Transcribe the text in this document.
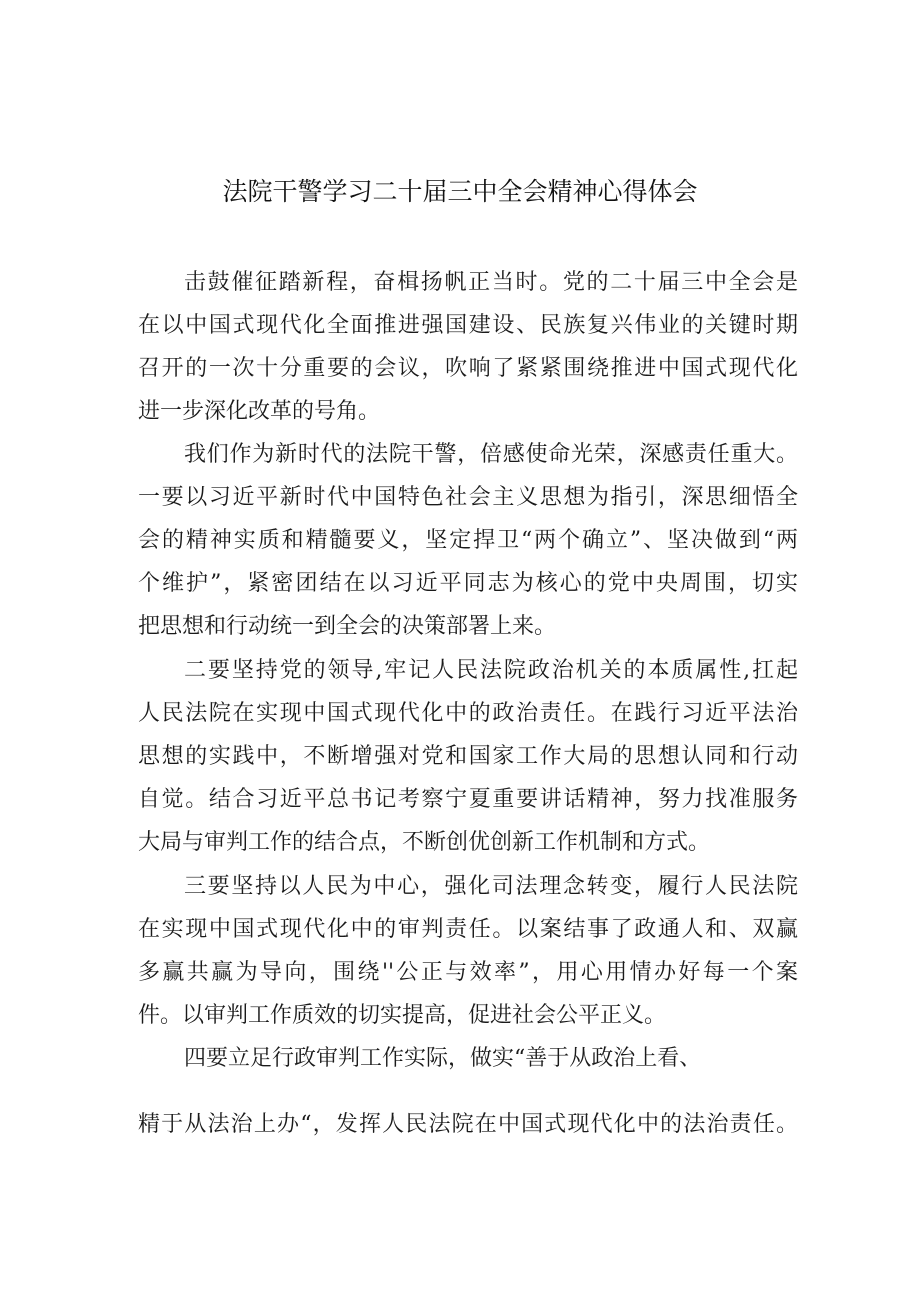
法院干警学习二十届三中全会精神心得体会
击鼓催征踏新程，奋楫扬帆正当时。党的二十届三中全会是
在以中国式现代化全面推进强国建设、民族复兴伟业的关键时期
召开的一次十分重要的会议，吹响了紧紧围绕推进中国式现代化
进一步深化改革的号角。
我们作为新时代的法院干警，倍感使命光荣，深感责任重大。
一要以习近平新时代中国特色社会主义思想为指引，深思细悟全
会的精神实质和精髓要义，坚定捍卫“两个确立”、坚决做到“两
个维护”，紧密团结在以习近平同志为核心的党中央周围，切实
把思想和行动统一到全会的决策部署上来。
二要坚持党的领导,牢记人民法院政治机关的本质属性,扛起
人民法院在实现中国式现代化中的政治责任。在践行习近平法治
思想的实践中，不断增强对党和国家工作大局的思想认同和行动
自觉。结合习近平总书记考察宁夏重要讲话精神，努力找准服务
大局与审判工作的结合点，不断创优创新工作机制和方式。
三要坚持以人民为中心，强化司法理念转变，履行人民法院
在实现中国式现代化中的审判责任。以案结事了政通人和、双赢
多赢共赢为导向，围绕''公正与效率”，用心用情办好每一个案
件。以审判工作质效的切实提高，促进社会公平正义。
四要立足行政审判工作实际，做实“善于从政治上看、
精于从法治上办“，发挥人民法院在中国式现代化中的法治责任。
